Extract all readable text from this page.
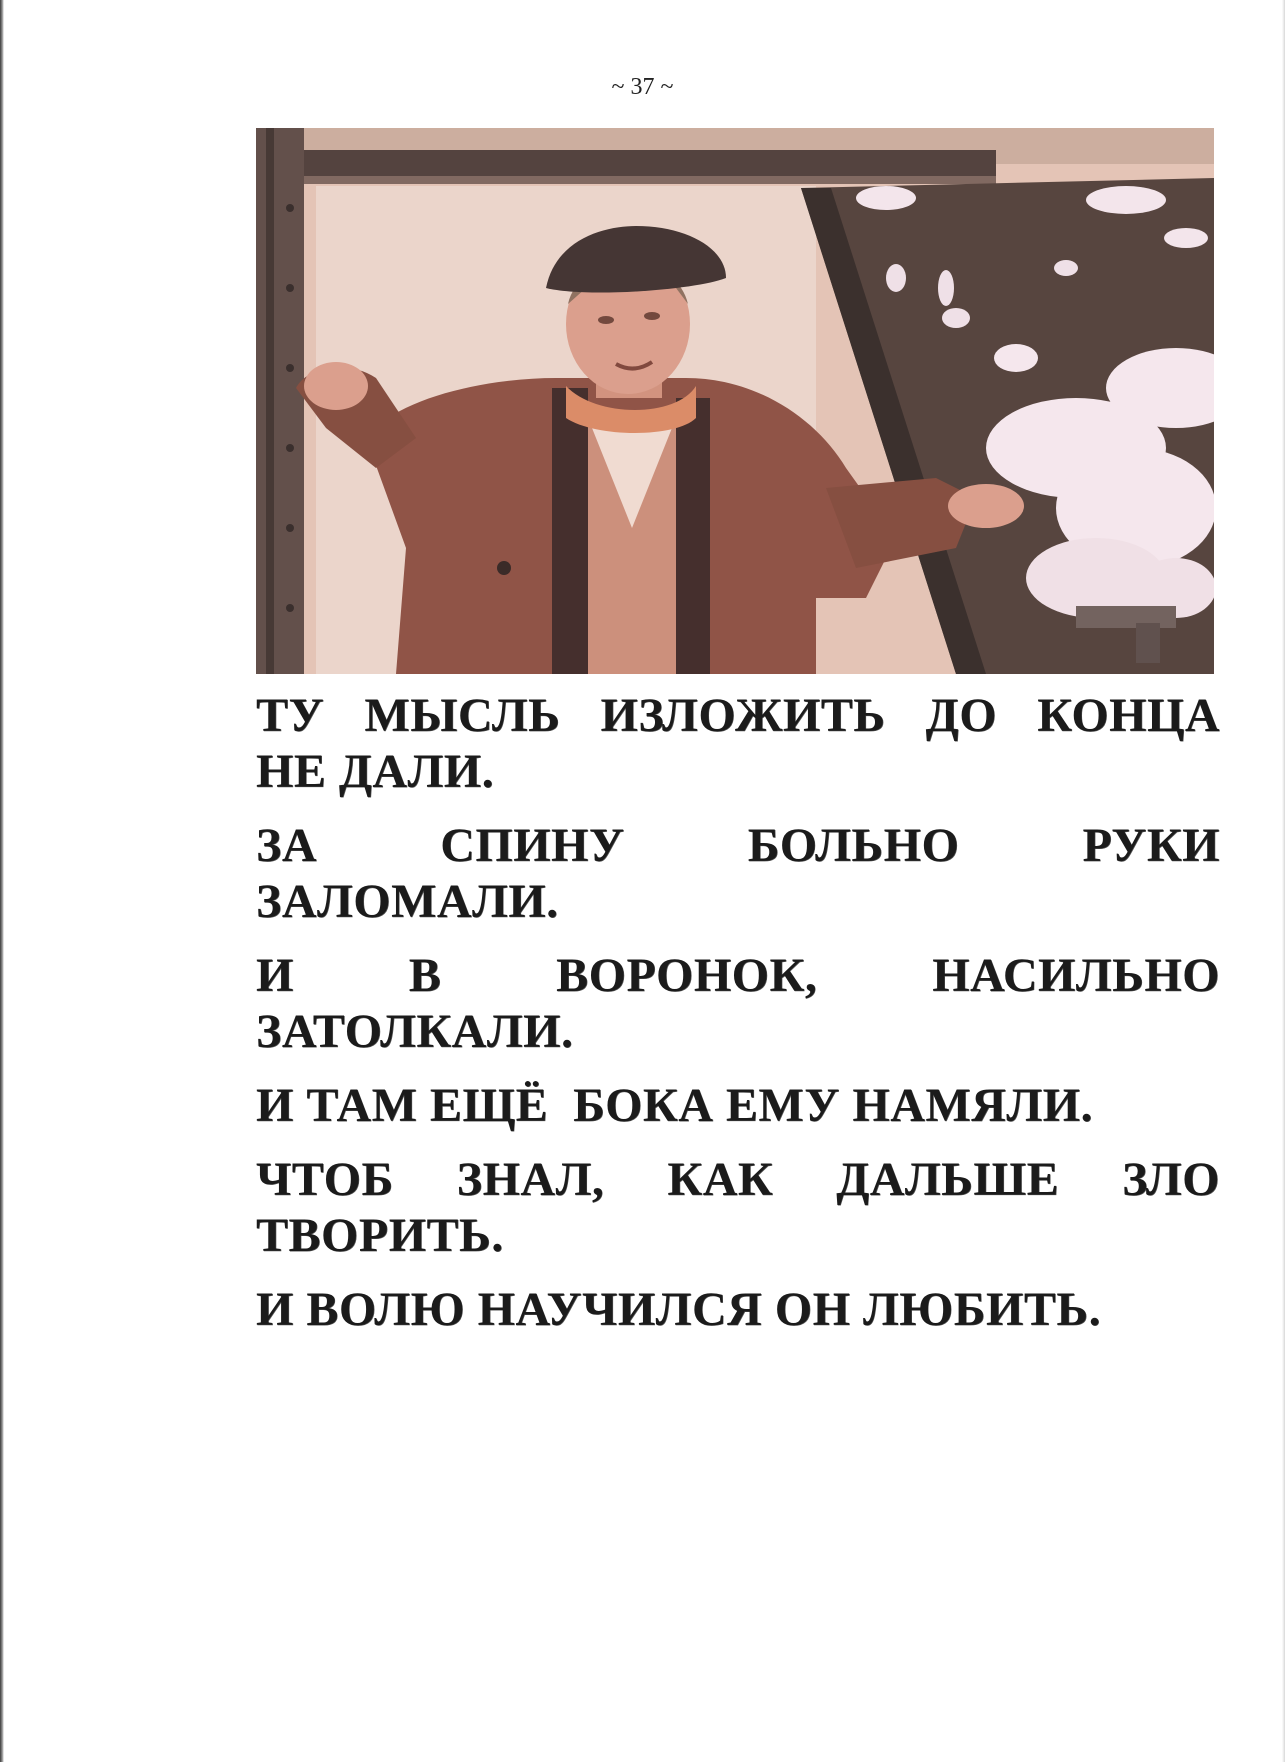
~ 37 ~
ТУ МЫСЛЬ ИЗЛОЖИТЬ ДО КОНЦА
НЕ ДАЛИ.
ЗА СПИНУ БОЛЬНО РУКИ
ЗАЛОМАЛИ.
И В ВОРОНОК, НАСИЛЬНО
ЗАТОЛКАЛИ.
И ТАМ ЕЩЁ  БОКА ЕМУ НАМЯЛИ.
ЧТОБ ЗНАЛ, КАК ДАЛЬШЕ ЗЛО
ТВОРИТЬ.
И ВОЛЮ НАУЧИЛСЯ ОН ЛЮБИТЬ.
